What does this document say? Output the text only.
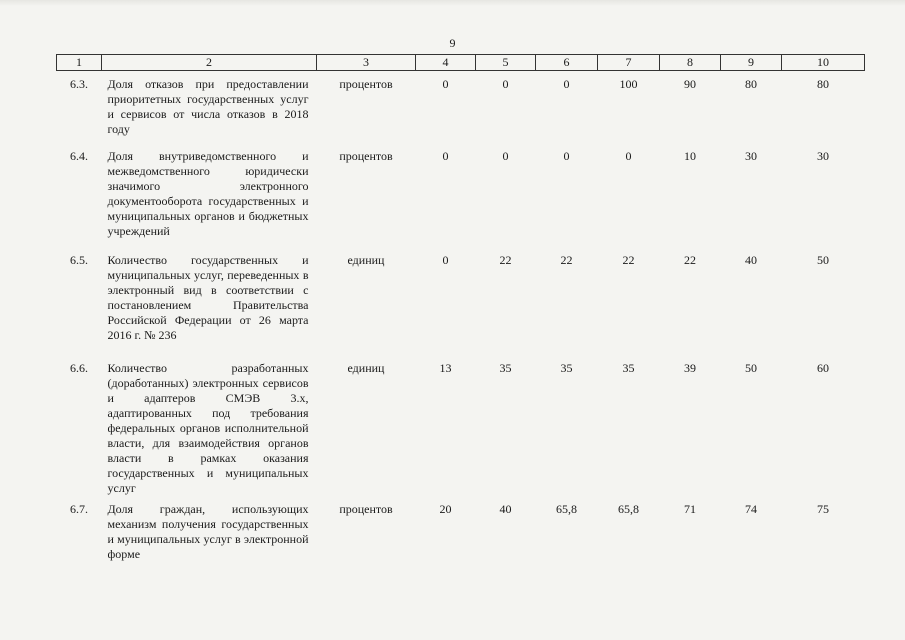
9
1	2	3	4	5	6	7	8	9	10
6.3.	Доля отказов при предоставлении приоритетных государственных услуг и сервисов от числа отказов в 2018 году	процентов	0	0	0	100	90	80	80
6.4.	Доля внутриведомственного и межведомственного юридически значимого электронного документооборота государственных и муниципальных органов и бюджетных учреждений	процентов	0	0	0	0	10	30	30
6.5.	Количество государственных и муниципальных услуг, переведенных в электронный вид в соответствии с постановлением Правительства Российской Федерации от 26 марта 2016 г. № 236	единиц	0	22	22	22	22	40	50
6.6.	Количество разработанных (доработанных) электронных сервисов и адаптеров СМЭВ 3.х, адаптированных под требования федеральных органов исполнительной власти, для взаимодействия органов власти в рамках оказания государственных и муниципальных услуг	единиц	13	35	35	35	39	50	60
6.7.	Доля граждан, использующих механизм получения государственных и муниципальных услуг в электронной форме	процентов	20	40	65,8	65,8	71	74	75
